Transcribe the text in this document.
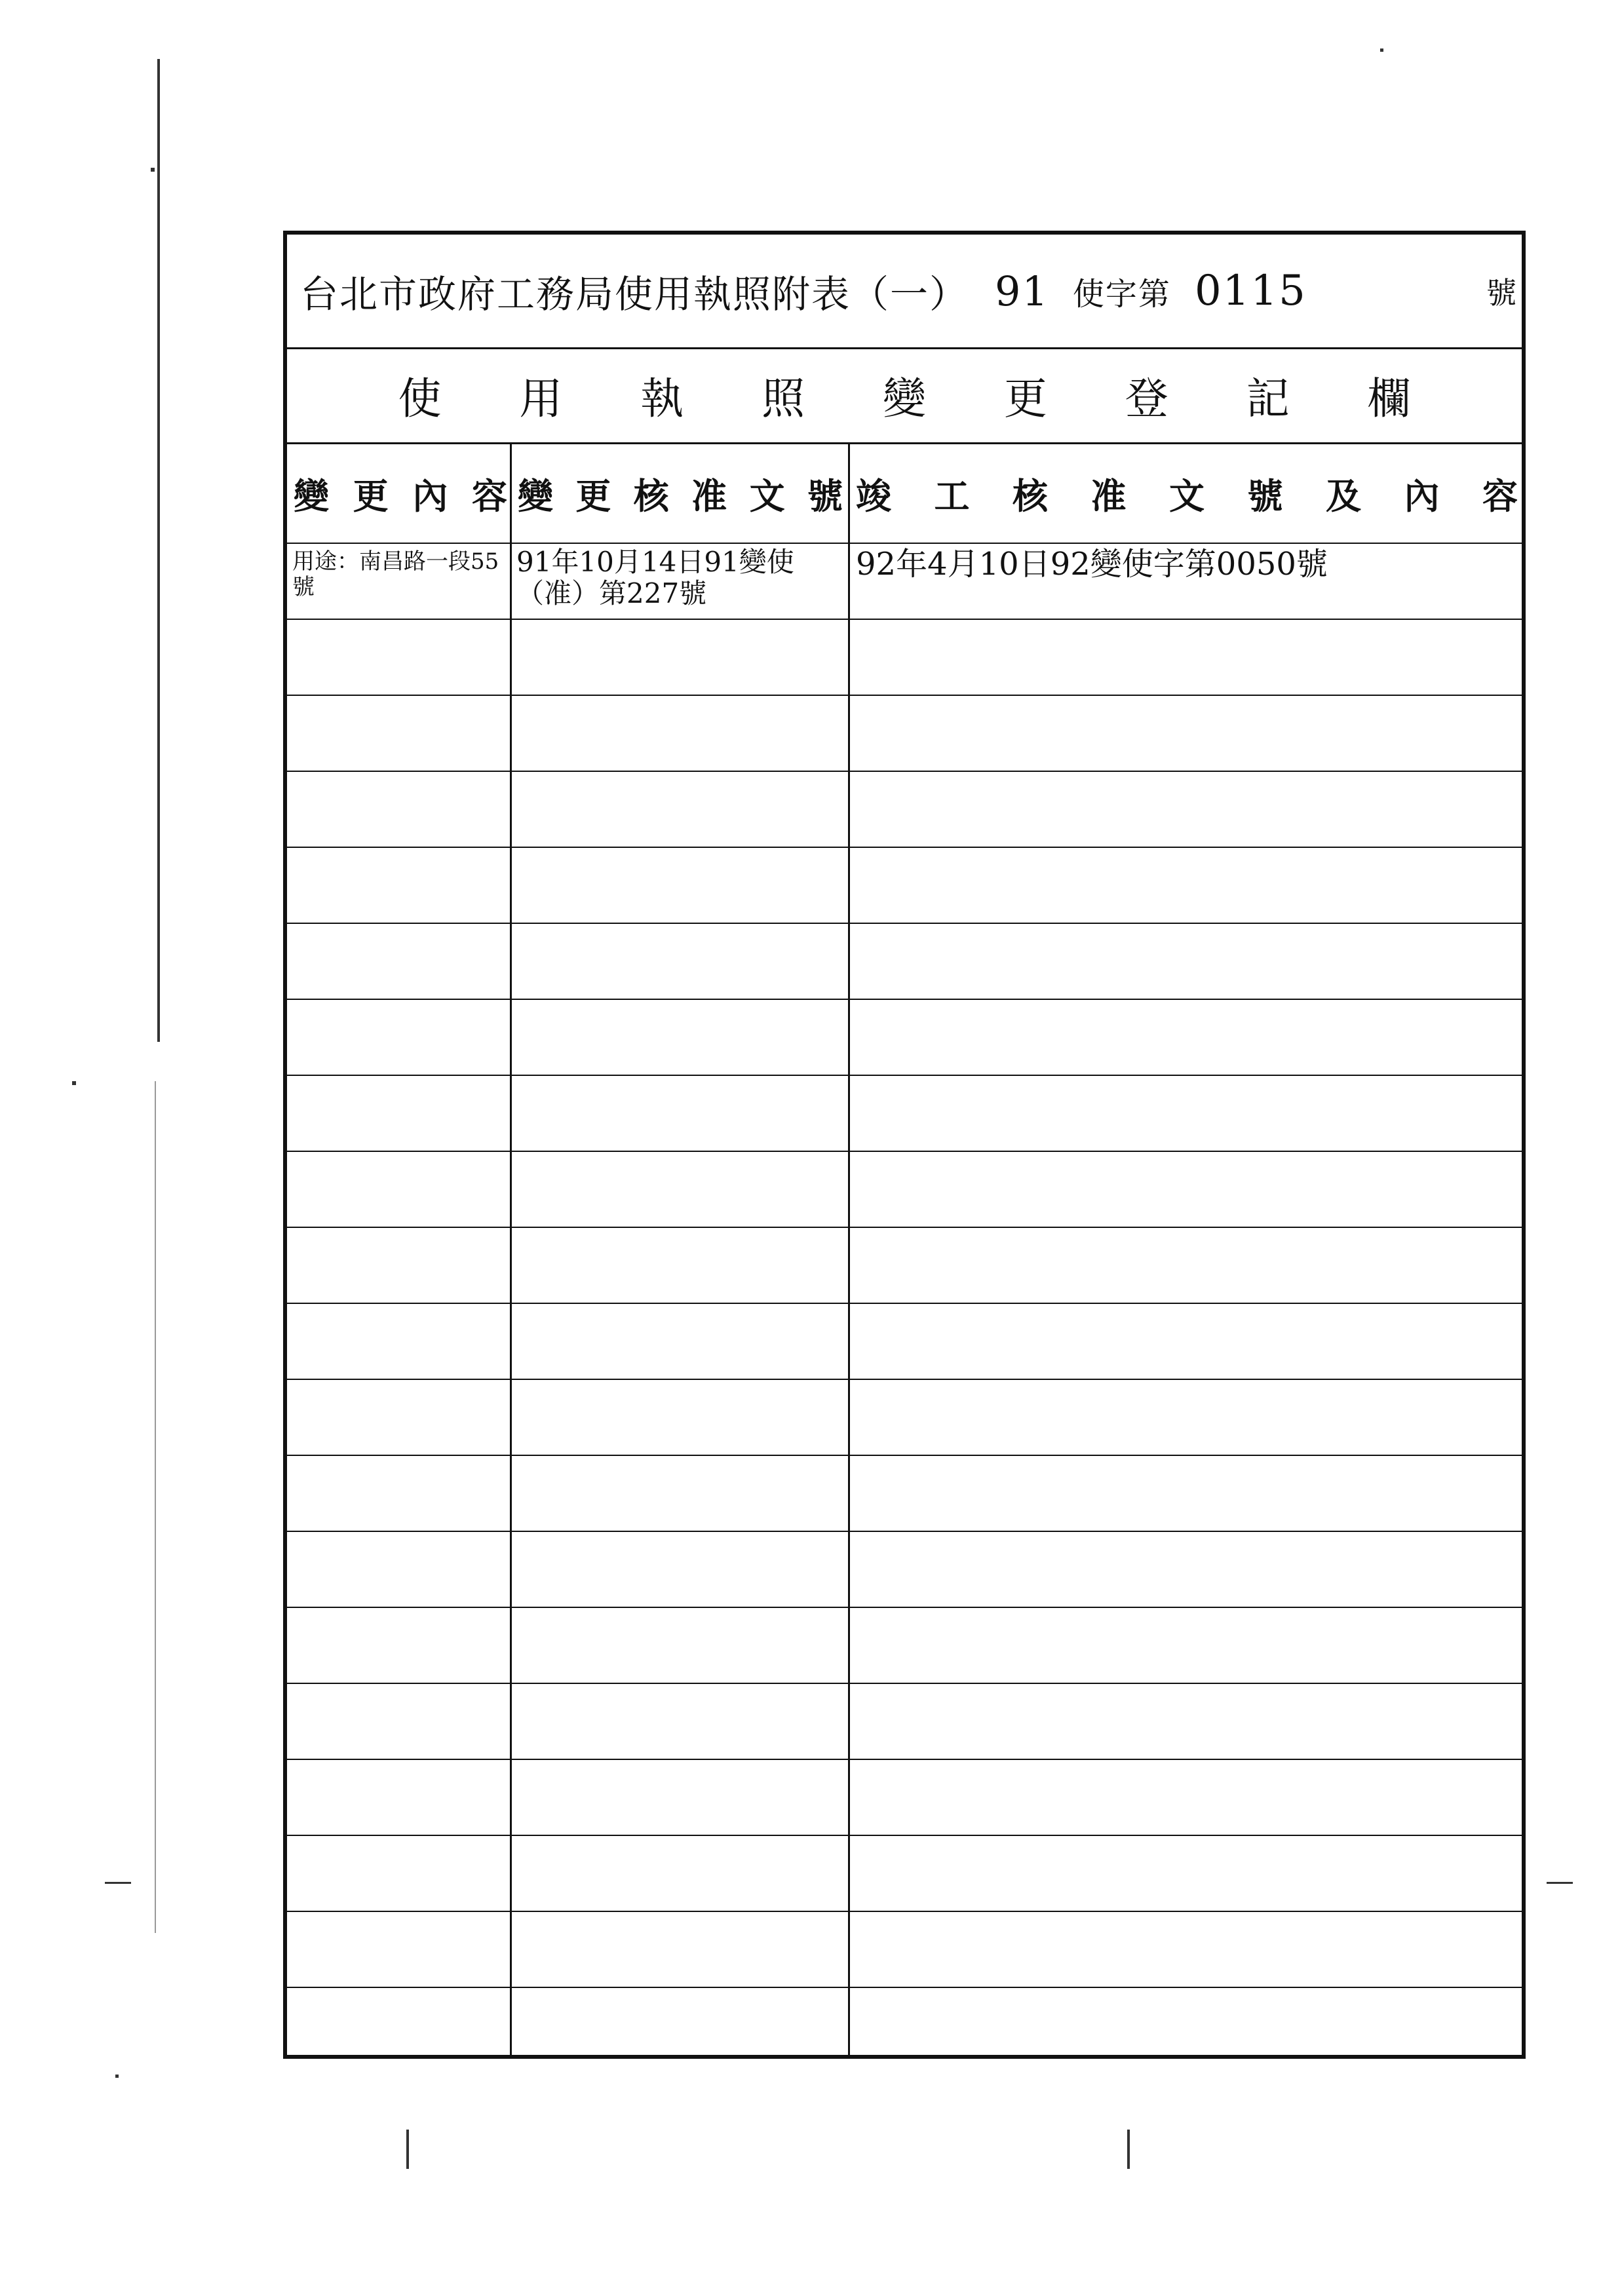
台北市政府工務局使用執照附表（一） 91 使字第 0115	號
使 用 執 照 變 更 登 記 欄
變 更 內 容 變 更 核 准 文 號 竣 工 核 准 文 號 及 內 容
用途：南昌路一段55號
91年10月14日91變使（准）第227號
92年4月10日92變使字第0050號
